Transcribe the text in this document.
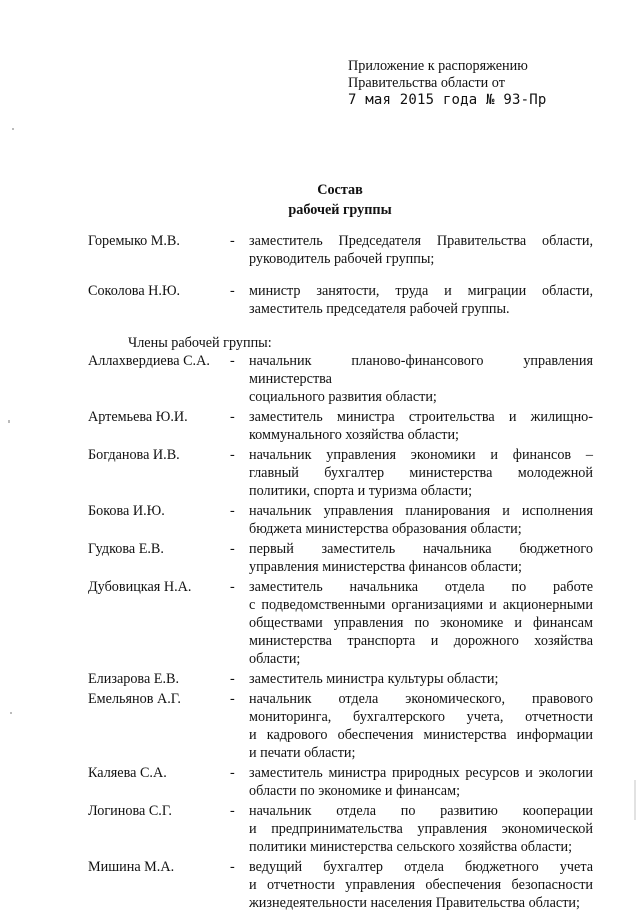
Приложение к распоряжению
Правительства области от
7 мая 2015 года № 93-Пр
Состав
рабочей группы
Горемыко М.В.	-	заместитель Председателя Правительства области,
руководитель рабочей группы;
Соколова Н.Ю.	-	министр занятости, труда и миграции области,
заместитель председателя рабочей группы.
Члены рабочей группы:
Аллахвердиева С.А.	-	начальник планово-финансового управления министерства
социального развития области;
Артемьева Ю.И.	-	заместитель министра строительства и жилищно-
коммунального хозяйства области;
Богданова И.В.	-	начальник управления экономики и финансов –
главный бухгалтер министерства молодежной
политики, спорта и туризма области;
Бокова И.Ю.	-	начальник управления планирования и исполнения
бюджета министерства образования области;
Гудкова Е.В.	-	первый заместитель начальника бюджетного
управления министерства финансов области;
Дубовицкая Н.А.	-	заместитель начальника отдела по работе
с подведомственными организациями и акционерными
обществами управления по экономике и финансам
министерства транспорта и дорожного хозяйства
области;
Елизарова Е.В.	-	заместитель министра культуры области;
Емельянов А.Г.	-	начальник отдела экономического, правового
мониторинга, бухгалтерского учета, отчетности
и кадрового обеспечения министерства информации
и печати области;
Каляева С.А.	-	заместитель министра природных ресурсов и экологии
области по экономике и финансам;
Логинова С.Г.	-	начальник отдела по развитию кооперации
и предпринимательства управления экономической
политики министерства сельского хозяйства области;
Мишина М.А.	-	ведущий бухгалтер отдела бюджетного учета
и отчетности управления обеспечения безопасности
жизнедеятельности населения Правительства области;
